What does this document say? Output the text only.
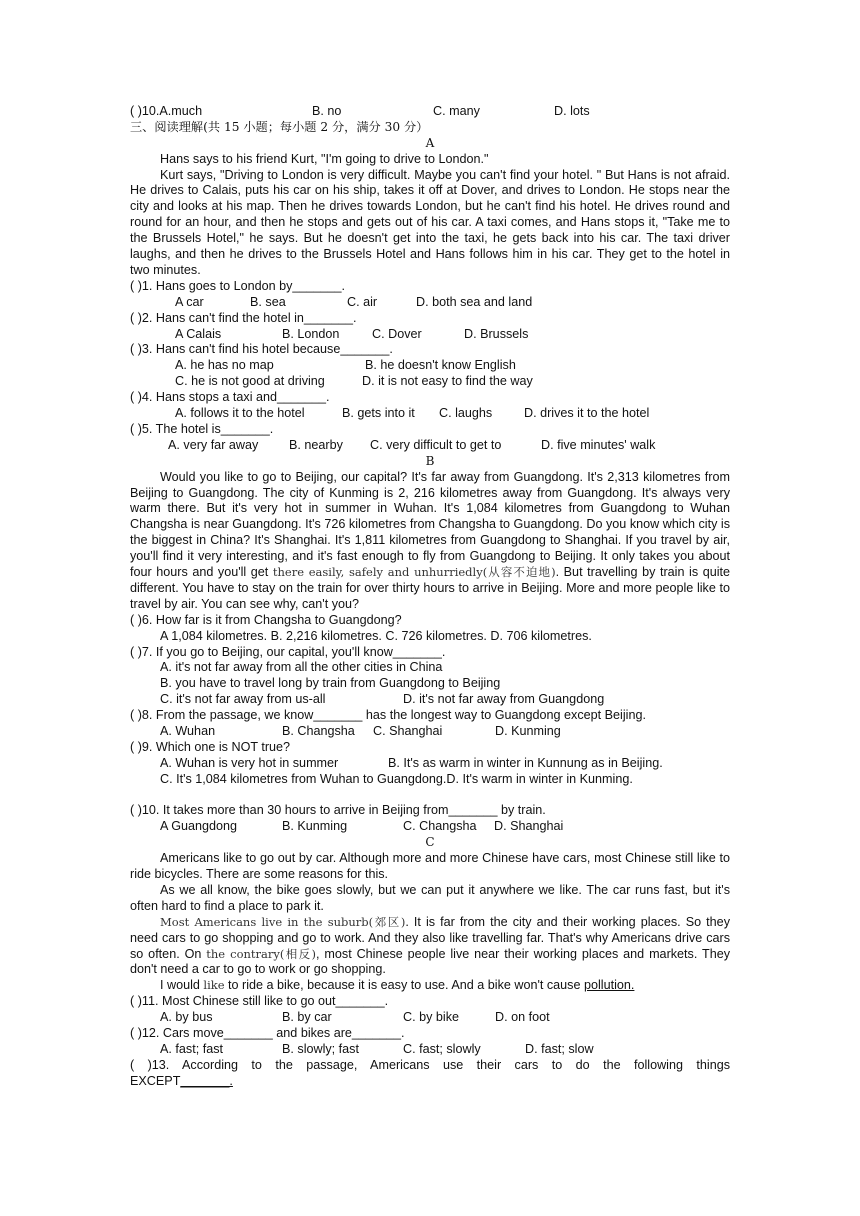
( )10.A.much	B. no	C. many	D. lots
三、阅读理解(共 15 小题；每小题 2 分，满分 30 分）
A
Hans says to his friend Kurt, "I'm going to drive to London."
Kurt says, "Driving to London is very difficult. Maybe you can't find your hotel. " But Hans is not afraid. He drives to Calais, puts his car on his ship, takes it off at Dover, and drives to London. He stops near the city and looks at his map. Then he drives towards London, but he can't find his hotel. He drives round and round for an hour, and then he stops and gets out of his car. A taxi comes, and Hans stops it, "Take me to the Brussels Hotel," he says. But he doesn't get into the taxi, he gets back into his car. The taxi driver laughs, and then he drives to the Brussels Hotel and Hans follows him in his car. They get to the hotel in two minutes.
( )1. Hans goes to London by_______.
A car	B. sea	C. air	D. both sea and land
( )2. Hans can't find the hotel in_______.
A Calais	B. London	C. Dover	D. Brussels
( )3. Hans can't find his hotel because_______.
A. he has no map	B. he doesn't know English
C. he is not good at driving	D. it is not easy to find the way
( )4. Hans stops a taxi and_______.
A. follows it to the hotel	B. gets into it C. laughs	D. drives it to the hotel
( )5. The hotel is_______.
A. very far away B. nearby C. very difficult to get to	D. five minutes' walk
B
Would you like to go to Beijing, our capital? It's far away from Guangdong. It's 2,313 kilometres from Beijing to Guangdong. The city of Kunming is 2, 216 kilometres away from Guangdong. It's always very warm there. But it's very hot in summer in Wuhan. It's 1,084 kilometres from Guangdong to Wuhan Changsha is near Guangdong. It's 726 kilometres from Changsha to Guangdong. Do you know which city is the biggest in China? It's Shanghai. It's 1,811 kilometres from Guangdong to Shanghai. If you travel by air, you'll find it very interesting, and it's fast enough to fly from Guangdong to Beijing. It only takes you about four hours and you'll get there easily, safely and unhurriedly(从容不迫地). But travelling by train is quite different. You have to stay on the train for over thirty hours to arrive in Beijing. More and more people like to travel by air. You can see why, can't you?
( )6. How far is it from Changsha to Guangdong?
A 1,084 kilometres. B. 2,216 kilometres. C. 726 kilometres. D. 706 kilometres.
( )7. If you go to Beijing, our capital, you'll know_______.
A. it's not far away from all the other cities in China
B. you have to travel long by train from Guangdong to Beijing
C. it's not far away from us-all	D. it's not far away from Guangdong
( )8. From the passage, we know_______ has the longest way to Guangdong except Beijing.
A. Wuhan	B. Changsha C. Shanghai	D. Kunming
( )9. Which one is NOT true?
A. Wuhan is very hot in summer	B. It's as warm in winter in Kunnung as in Beijing.
C. It's 1,084 kilometres from Wuhan to Guangdong.D. It's warm in winter in Kunming.
( )10. It takes more than 30 hours to arrive in Beijing from_______ by train.
A Guangdong	B. Kunming	C. Changsha D. Shanghai
C
Americans like to go out by car. Although more and more Chinese have cars, most Chinese still like to ride bicycles. There are some reasons for this.
As we all know, the bike goes slowly, but we can put it anywhere we like. The car runs fast, but it's often hard to find a place to park it.
Most Americans live in the suburb(郊区). It is far from the city and their working places. So they need cars to go shopping and go to work. And they also like travelling far. That's why Americans drive cars so often. On the contrary(相反), most Chinese people live near their working places and markets. They don't need a car to go to work or go shopping.
I would like to ride a bike, because it is easy to use. And a bike won't cause pollution.
( )11. Most Chinese still like to go out_______.
A. by bus	B. by car	C. by bike	D. on foot
( )12. Cars move_______ and bikes are_______.
A. fast; fast	B. slowly; fast	C. fast; slowly	D. fast; slow
( )13. According to the passage, Americans use their cars to do the following things
EXCEPT_______.
